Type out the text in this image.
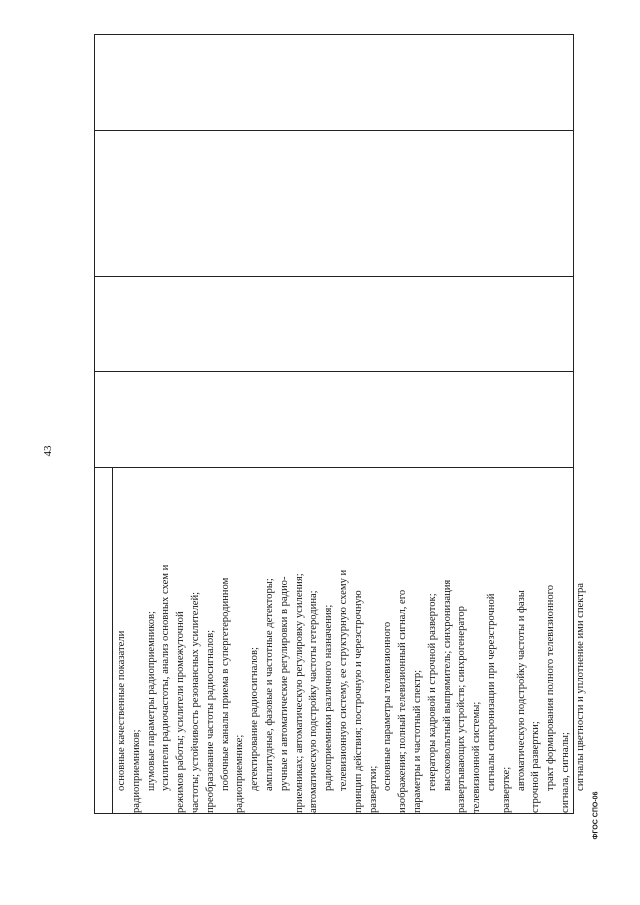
43
основные качественные показатели радиоприемников; шумовые параметры радиоприемников; усилители радиочастоты, анализ основных схем и режимов работы; усилители промежуточной частоты; устойчивость резонансных усилителей; преобразование частоты радиосигналов; побочные каналы приема в супергетеродинном радиоприемнике; детектирование радиосигналов; амплитудные, фазовые и частотные детекторы; ручные и автоматические регулировки в радио- приемниках; автоматическую регулировку усиления; автоматическую подстройку частоты гетеродина; радиоприемники различного назначения; телевизионную систему, ее структурную схему и принцип действия; построчную и черезстрочную развертки; основные параметры телевизионного изображения; полный телевизионный сигнал, его параметры и частотный спектр; генераторы кадровой и строчной разверток; высоковольтный выпрямитель; синхронизация развертывающих устройств; синхрогенератор телевизионной системы; сигналы синхронизации при черезстрочной развертке; автоматическую подстройку частоты и фазы строчной развертки; тракт формирования полного телевизионного сигнала, сигналы; сигналы цветности и уплотнение ими спектра
ФГОС СПО-06
